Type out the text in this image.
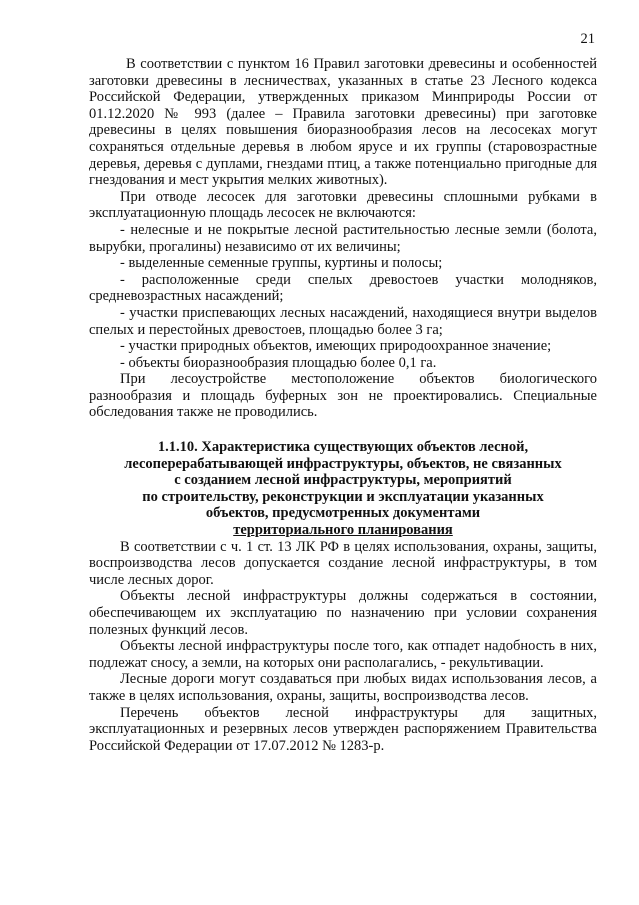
21

В соответствии с пунктом 16 Правил заготовки древесины и особенностей заготовки древесины в лесничествах, указанных в статье 23 Лесного кодекса Российской Федерации, утвержденных приказом Минприроды России от 01.12.2020 № 993 (далее – Правила заготовки древесины) при заготовке древесины в целях повышения биоразнообразия лесов на лесосеках могут сохраняться отдельные деревья в любом ярусе и их группы (старовозрастные деревья, деревья с дуплами, гнездами птиц, а также потенциально пригодные для гнездования и мест укрытия мелких животных).

При отводе лесосек для заготовки древесины сплошными рубками в эксплуатационную площадь лесосек не включаются:

- нелесные и не покрытые лесной растительностью лесные земли (болота, вырубки, прогалины) независимо от их величины;

- выделенные семенные группы, куртины и полосы;

- расположенные среди спелых древостоев участки молодняков, средневозрастных насаждений;

- участки приспевающих лесных насаждений, находящиеся внутри выделов спелых и перестойных древостоев, площадью более 3 га;

- участки природных объектов, имеющих природоохранное значение;

- объекты биоразнообразия площадью более 0,1 га.

При лесоустройстве местоположение объектов биологического разнообразия и площадь буферных зон не проектировались. Специальные обследования также не проводились.

1.1.10. Характеристика существующих объектов лесной,
лесоперерабатывающей инфраструктуры, объектов, не связанных
с созданием лесной инфраструктуры, мероприятий
по строительству, реконструкции и эксплуатации указанных
объектов, предусмотренных документами
территориального планирования

В соответствии с ч. 1 ст. 13 ЛК РФ в целях использования, охраны, защиты, воспроизводства лесов допускается создание лесной инфраструктуры, в том числе лесных дорог.

Объекты лесной инфраструктуры должны содержаться в состоянии, обеспечивающем их эксплуатацию по назначению при условии сохранения полезных функций лесов.

Объекты лесной инфраструктуры после того, как отпадет надобность в них, подлежат сносу, а земли, на которых они располагались, - рекультивации.

Лесные дороги могут создаваться при любых видах использования лесов, а также в целях использования, охраны, защиты, воспроизводства лесов.

Перечень объектов лесной инфраструктуры для защитных, эксплуатационных и резервных лесов утвержден распоряжением Правительства Российской Федерации от 17.07.2012 № 1283-р.
